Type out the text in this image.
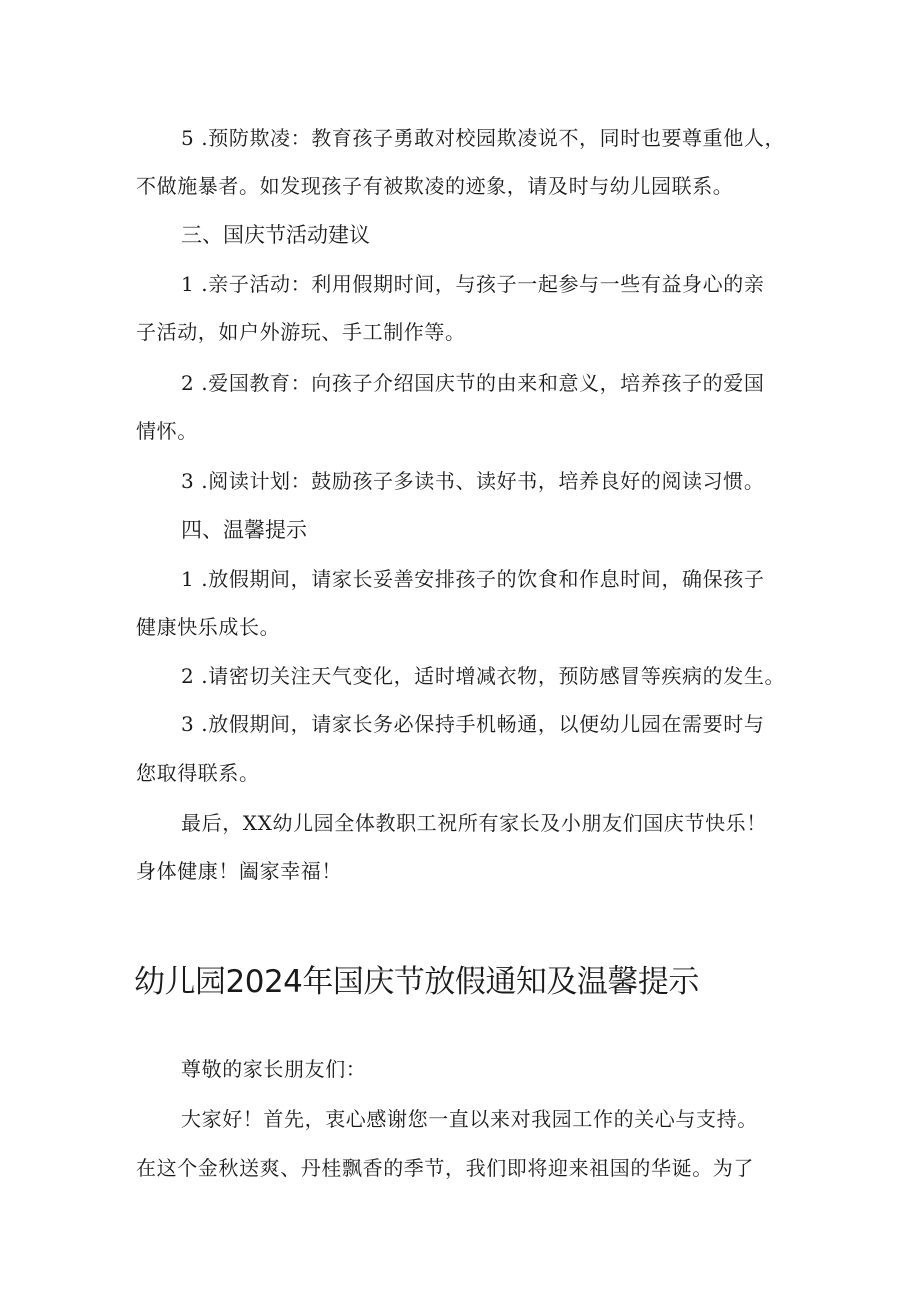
5 .预防欺凌：教育孩子勇敢对校园欺凌说不，同时也要尊重他人，
不做施暴者。如发现孩子有被欺凌的迹象，请及时与幼儿园联系。
三、国庆节活动建议
1 .亲子活动：利用假期时间，与孩子一起参与一些有益身心的亲
子活动，如户外游玩、手工制作等。
2 .爱国教育：向孩子介绍国庆节的由来和意义，培养孩子的爱国
情怀。
3 .阅读计划：鼓励孩子多读书、读好书，培养良好的阅读习惯。
四、温馨提示
1 .放假期间，请家长妥善安排孩子的饮食和作息时间，确保孩子
健康快乐成长。
2 .请密切关注天气变化，适时增减衣物，预防感冒等疾病的发生。
3 .放假期间，请家长务必保持手机畅通，以便幼儿园在需要时与
您取得联系。
最后，XX幼儿园全体教职工祝所有家长及小朋友们国庆节快乐！
身体健康！阖家幸福！
幼儿园2024年国庆节放假通知及温馨提示
尊敬的家长朋友们：
大家好！首先，衷心感谢您一直以来对我园工作的关心与支持。
在这个金秋送爽、丹桂飘香的季节，我们即将迎来祖国的华诞。为了
